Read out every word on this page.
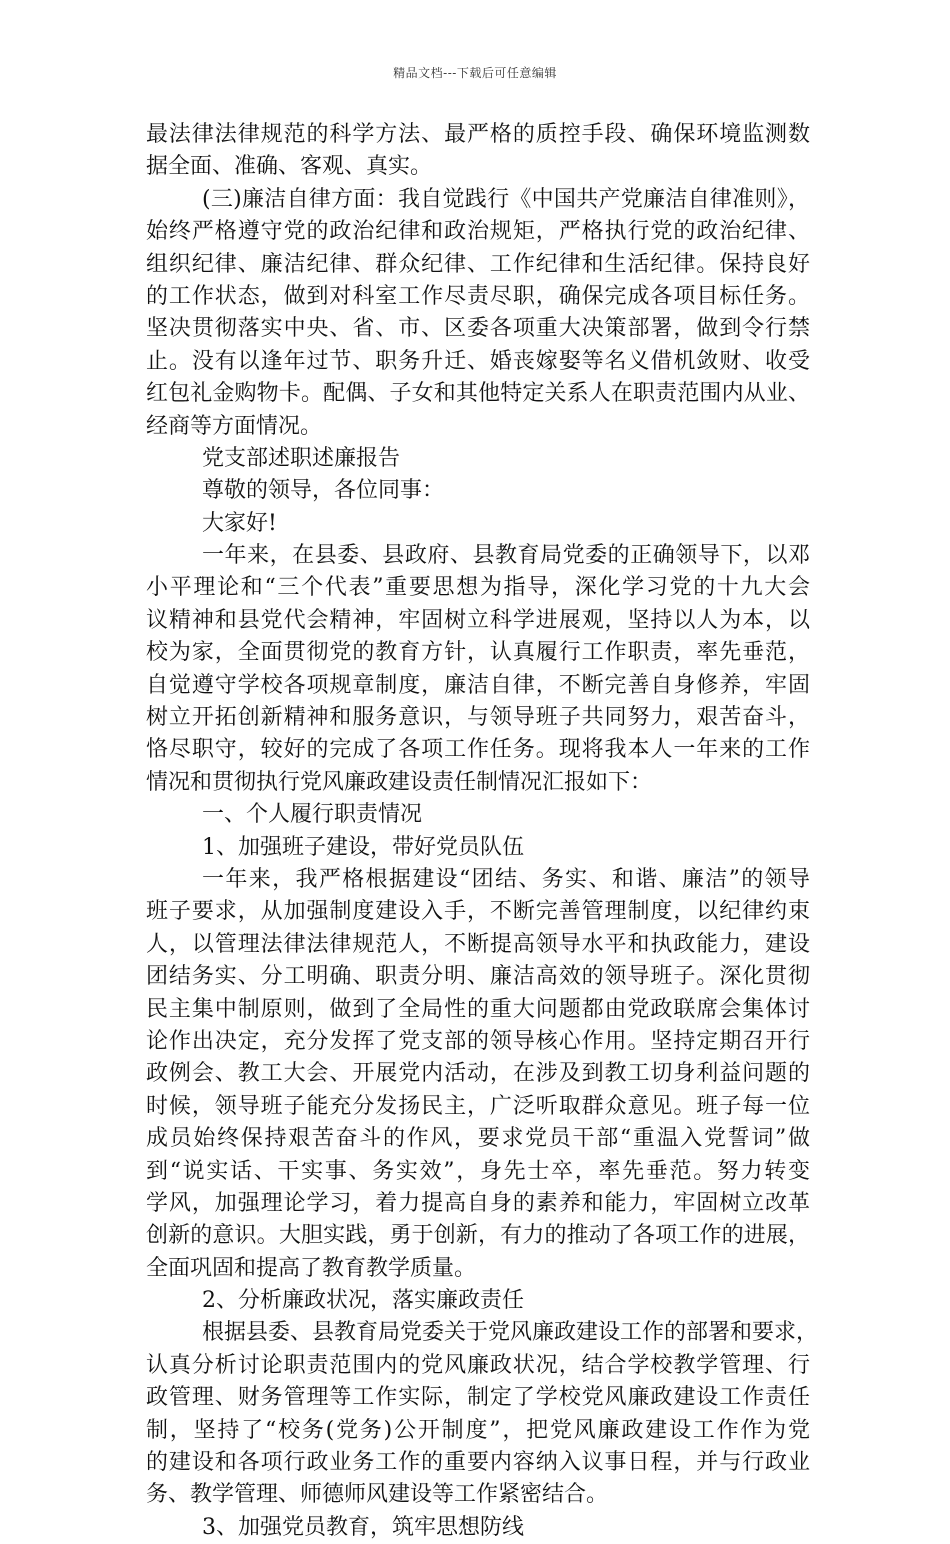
精品文档---下载后可任意编辑
最法律法律规范的科学方法、最严格的质控手段、确保环境监测数
据全面、准确、客观、真实。
(三)廉洁自律方面：我自觉践行《中国共产党廉洁自律准则》，
始终严格遵守党的政治纪律和政治规矩，严格执行党的政治纪律、
组织纪律、廉洁纪律、群众纪律、工作纪律和生活纪律。保持良好
的工作状态，做到对科室工作尽责尽职，确保完成各项目标任务。
坚决贯彻落实中央、省、市、区委各项重大决策部署，做到令行禁
止。没有以逢年过节、职务升迁、婚丧嫁娶等名义借机敛财、收受
红包礼金购物卡。配偶、子女和其他特定关系人在职责范围内从业、
经商等方面情况。
党支部述职述廉报告
尊敬的领导，各位同事：
大家好!
一年来，在县委、县政府、县教育局党委的正确领导下，以邓
小平理论和“三个代表”重要思想为指导，深化学习党的十九大会
议精神和县党代会精神，牢固树立科学进展观，坚持以人为本，以
校为家，全面贯彻党的教育方针，认真履行工作职责，率先垂范，
自觉遵守学校各项规章制度，廉洁自律，不断完善自身修养，牢固
树立开拓创新精神和服务意识，与领导班子共同努力，艰苦奋斗，
恪尽职守，较好的完成了各项工作任务。现将我本人一年来的工作
情况和贯彻执行党风廉政建设责任制情况汇报如下：
一、个人履行职责情况
1、加强班子建设，带好党员队伍
一年来，我严格根据建设“团结、务实、和谐、廉洁”的领导
班子要求，从加强制度建设入手，不断完善管理制度，以纪律约束
人，以管理法律法律规范人，不断提高领导水平和执政能力，建设
团结务实、分工明确、职责分明、廉洁高效的领导班子。深化贯彻
民主集中制原则，做到了全局性的重大问题都由党政联席会集体讨
论作出决定，充分发挥了党支部的领导核心作用。坚持定期召开行
政例会、教工大会、开展党内活动，在涉及到教工切身利益问题的
时候，领导班子能充分发扬民主，广泛听取群众意见。班子每一位
成员始终保持艰苦奋斗的作风，要求党员干部“重温入党誓词”做
到“说实话、干实事、务实效”，身先士卒，率先垂范。努力转变
学风，加强理论学习，着力提高自身的素养和能力，牢固树立改革
创新的意识。大胆实践，勇于创新，有力的推动了各项工作的进展，
全面巩固和提高了教育教学质量。
2、分析廉政状况，落实廉政责任
根据县委、县教育局党委关于党风廉政建设工作的部署和要求，
认真分析讨论职责范围内的党风廉政状况，结合学校教学管理、行
政管理、财务管理等工作实际，制定了学校党风廉政建设工作责任
制，坚持了“校务(党务)公开制度”，把党风廉政建设工作作为党
的建设和各项行政业务工作的重要内容纳入议事日程，并与行政业
务、教学管理、师德师风建设等工作紧密结合。
3、加强党员教育，筑牢思想防线
